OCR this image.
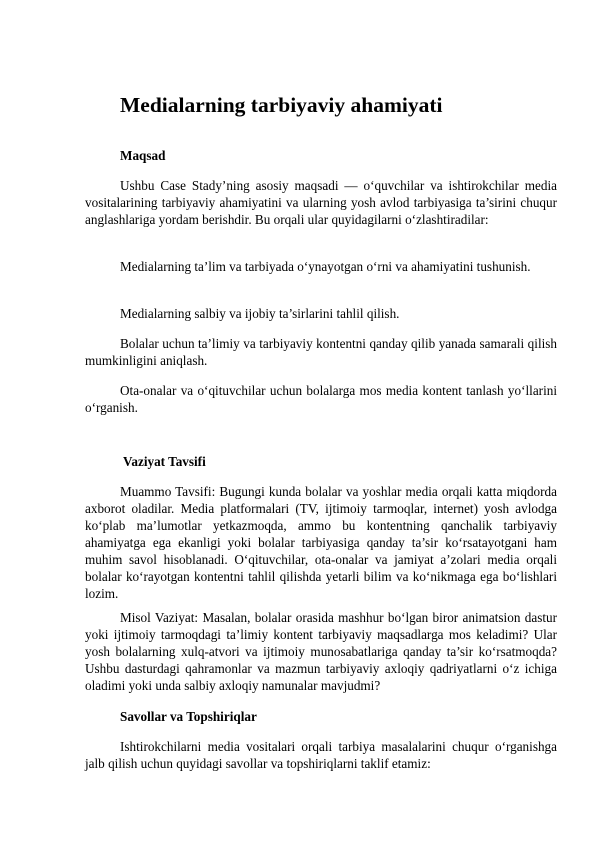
Medialarning tarbiyaviy ahamiyati

Maqsad

Ushbu Case Stady’ning asosiy maqsadi — o‘quvchilar va ishtirokchilar media vositalarining tarbiyaviy ahamiyatini va ularning yosh avlod tarbiyasiga ta’sirini chuqur anglashlariga yordam berishdir. Bu orqali ular quyidagilarni o‘zlashtiradilar:

Medialarning ta’lim va tarbiyada o‘ynayotgan o‘rni va ahamiyatini tushunish.

Medialarning salbiy va ijobiy ta’sirlarini tahlil qilish.

Bolalar uchun ta’limiy va tarbiyaviy kontentni qanday qilib yanada samarali qilish mumkinligini aniqlash.

Ota-onalar va o‘qituvchilar uchun bolalarga mos media kontent tanlash yo‘llarini o‘rganish.

Vaziyat Tavsifi

Muammo Tavsifi: Bugungi kunda bolalar va yoshlar media orqali katta miqdorda axborot oladilar. Media platformalari (TV, ijtimoiy tarmoqlar, internet) yosh avlodga ko‘plab ma’lumotlar yetkazmoqda, ammo bu kontentning qanchalik tarbiyaviy ahamiyatga ega ekanligi yoki bolalar tarbiyasiga qanday ta’sir ko‘rsatayotgani ham muhim savol hisoblanadi. O‘qituvchilar, ota-onalar va jamiyat a’zolari media orqali bolalar ko‘rayotgan kontentni tahlil qilishda yetarli bilim va ko‘nikmaga ega bo‘lishlari lozim.

Misol Vaziyat: Masalan, bolalar orasida mashhur bo‘lgan biror animatsion dastur yoki ijtimoiy tarmoqdagi ta’limiy kontent tarbiyaviy maqsadlarga mos keladimi? Ular yosh bolalarning xulq-atvori va ijtimoiy munosabatlariga qanday ta’sir ko‘rsatmoqda? Ushbu dasturdagi qahramonlar va mazmun tarbiyaviy axloqiy qadriyatlarni o‘z ichiga oladimi yoki unda salbiy axloqiy namunalar mavjudmi?

Savollar va Topshiriqlar

Ishtirokchilarni media vositalari orqali tarbiya masalalarini chuqur o‘rganishga jalb qilish uchun quyidagi savollar va topshiriqlarni taklif etamiz:
